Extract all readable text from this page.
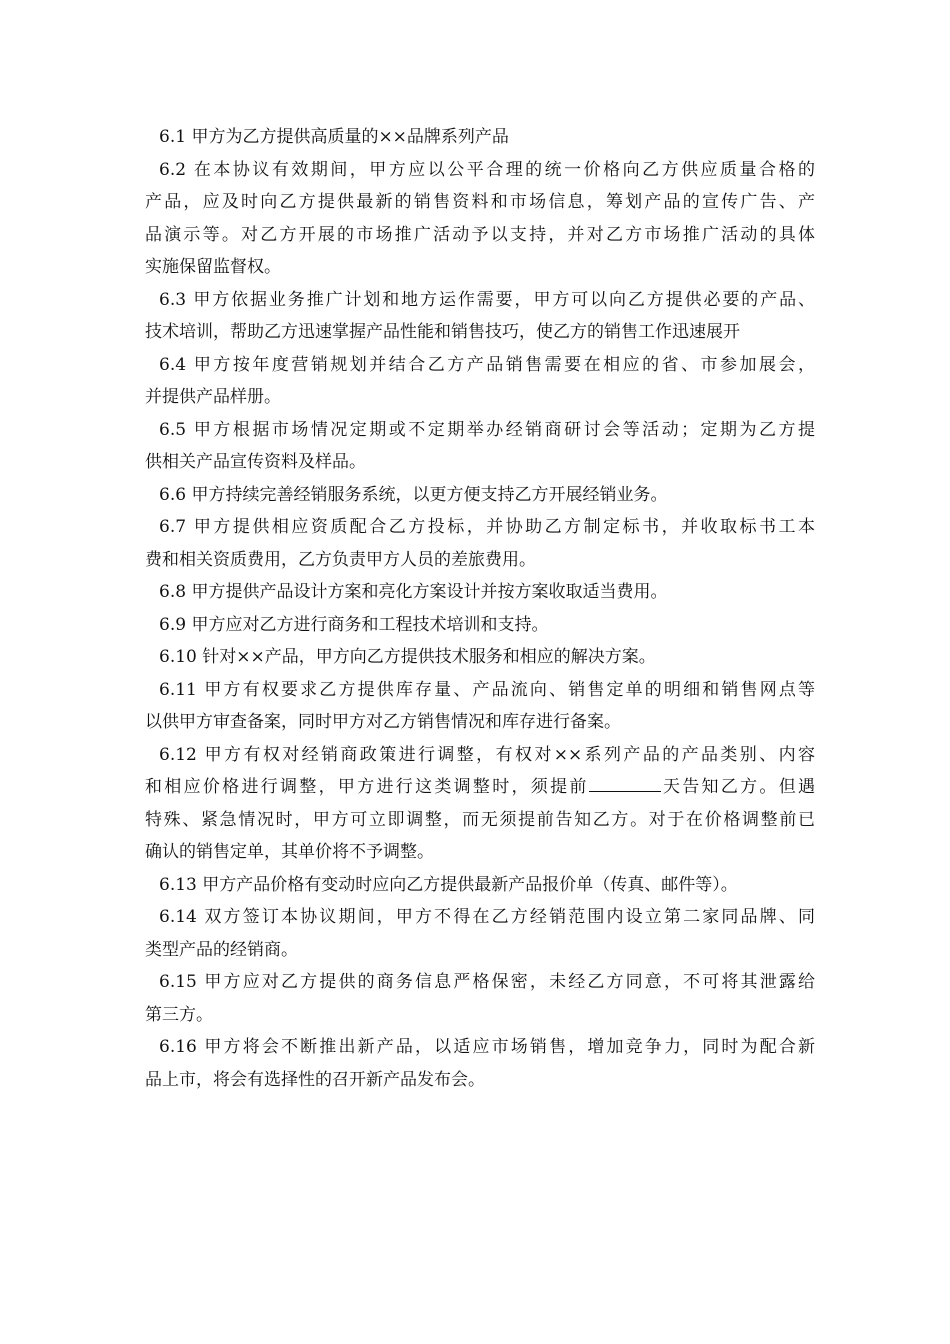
6.1 甲方为乙方提供高质量的××品牌系列产品
6.2 在本协议有效期间，甲方应以公平合理的统一价格向乙方供应质量合格的
产品，应及时向乙方提供最新的销售资料和市场信息，筹划产品的宣传广告、产
品演示等。对乙方开展的市场推广活动予以支持，并对乙方市场推广活动的具体
实施保留监督权。
6.3 甲方依据业务推广计划和地方运作需要，甲方可以向乙方提供必要的产品、
技术培训，帮助乙方迅速掌握产品性能和销售技巧，使乙方的销售工作迅速展开
6.4 甲方按年度营销规划并结合乙方产品销售需要在相应的省、市参加展会，
并提供产品样册。
6.5 甲方根据市场情况定期或不定期举办经销商研讨会等活动；定期为乙方提
供相关产品宣传资料及样品。
6.6 甲方持续完善经销服务系统，以更方便支持乙方开展经销业务。
6.7 甲方提供相应资质配合乙方投标，并协助乙方制定标书，并收取标书工本
费和相关资质费用，乙方负责甲方人员的差旅费用。
6.8 甲方提供产品设计方案和亮化方案设计并按方案收取适当费用。
6.9 甲方应对乙方进行商务和工程技术培训和支持。
6.10 针对××产品，甲方向乙方提供技术服务和相应的解决方案。
6.11 甲方有权要求乙方提供库存量、产品流向、销售定单的明细和销售网点等
以供甲方审查备案，同时甲方对乙方销售情况和库存进行备案。
6.12 甲方有权对经销商政策进行调整，有权对××系列产品的产品类别、内容
和相应价格进行调整，甲方进行这类调整时，须提前	天告知乙方。但遇
特殊、紧急情况时，甲方可立即调整，而无须提前告知乙方。对于在价格调整前已
确认的销售定单，其单价将不予调整。
6.13 甲方产品价格有变动时应向乙方提供最新产品报价单（传真、邮件等）。
6.14 双方签订本协议期间，甲方不得在乙方经销范围内设立第二家同品牌、同
类型产品的经销商。
6.15 甲方应对乙方提供的商务信息严格保密，未经乙方同意，不可将其泄露给
第三方。
6.16 甲方将会不断推出新产品，以适应市场销售，增加竞争力，同时为配合新
品上市，将会有选择性的召开新产品发布会。
